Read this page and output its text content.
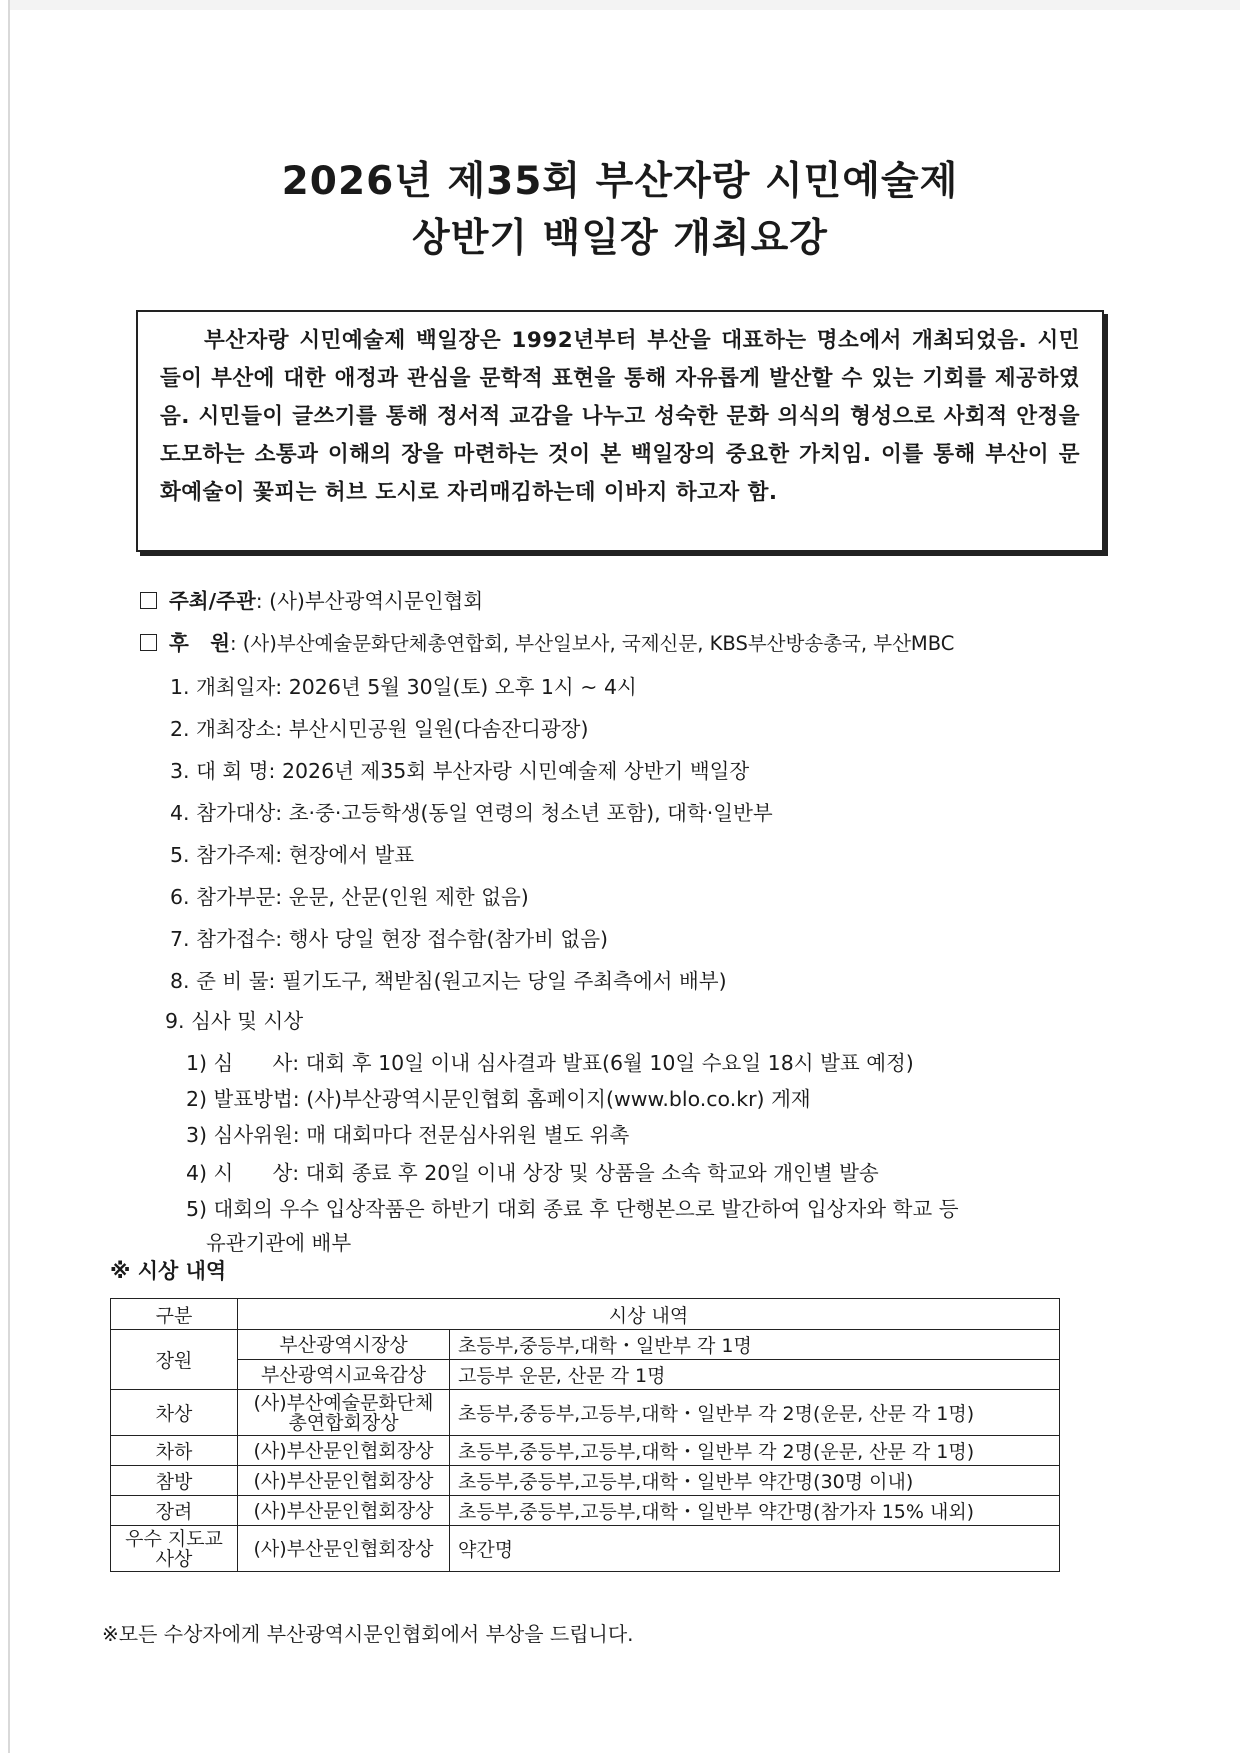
2026년 제35회 부산자랑 시민예술제
상반기 백일장 개최요강
부산자랑 시민예술제 백일장은 1992년부터 부산을 대표하는 명소에서 개최되었음. 시민들이 부산에 대한 애정과 관심을 문학적 표현을 통해 자유롭게 발산할 수 있는 기회를 제공하였음. 시민들이 글쓰기를 통해 정서적 교감을 나누고 성숙한 문화 의식의 형성으로 사회적 안정을 도모하는 소통과 이해의 장을 마련하는 것이 본 백일장의 중요한 가치임. 이를 통해 부산이 문화예술이 꽃피는 허브 도시로 자리매김하는데 이바지 하고자 함.
주최/주관: (사)부산광역시문인협회
후   원: (사)부산예술문화단체총연합회, 부산일보사, 국제신문, KBS부산방송총국, 부산MBC
1. 개최일자: 2026년 5월 30일(토) 오후 1시 ~ 4시
2. 개최장소: 부산시민공원 일원(다솜잔디광장)
3. 대 회 명: 2026년 제35회 부산자랑 시민예술제 상반기 백일장
4. 참가대상: 초·중·고등학생(동일 연령의 청소년 포함), 대학·일반부
5. 참가주제: 현장에서 발표
6. 참가부문: 운문, 산문(인원 제한 없음)
7. 참가접수: 행사 당일 현장 접수함(참가비 없음)
8. 준 비 물: 필기도구, 책받침(원고지는 당일 주최측에서 배부)
9. 심사 및 시상
1) 심      사: 대회 후 10일 이내 심사결과 발표(6월 10일 수요일 18시 발표 예정)
2) 발표방법: (사)부산광역시문인협회 홈페이지(www.blo.co.kr) 게재
3) 심사위원: 매 대회마다 전문심사위원 별도 위촉
4) 시      상: 대회 종료 후 20일 이내 상장 및 상품을 소속 학교와 개인별 발송
5) 대회의 우수 입상작품은 하반기 대회 종료 후 단행본으로 발간하여 입상자와 학교 등
유관기관에 배부
※ 시상 내역
구분	시상 내역	
장원	부산광역시장상	초등부,중등부,대학・일반부 각 1명
	부산광역시교육감상	고등부 운문, 산문 각 1명
차상	(사)부산예술문화단체 총연합회장상	초등부,중등부,고등부,대학・일반부 각 2명(운문, 산문 각 1명)
차하	(사)부산문인협회장상	초등부,중등부,고등부,대학・일반부 각 2명(운문, 산문 각 1명)
참방	(사)부산문인협회장상	초등부,중등부,고등부,대학・일반부 약간명(30명 이내)
장려	(사)부산문인협회장상	초등부,중등부,고등부,대학・일반부 약간명(참가자 15% 내외)
우수 지도교사상	(사)부산문인협회장상	약간명
※모든 수상자에게 부산광역시문인협회에서 부상을 드립니다.
